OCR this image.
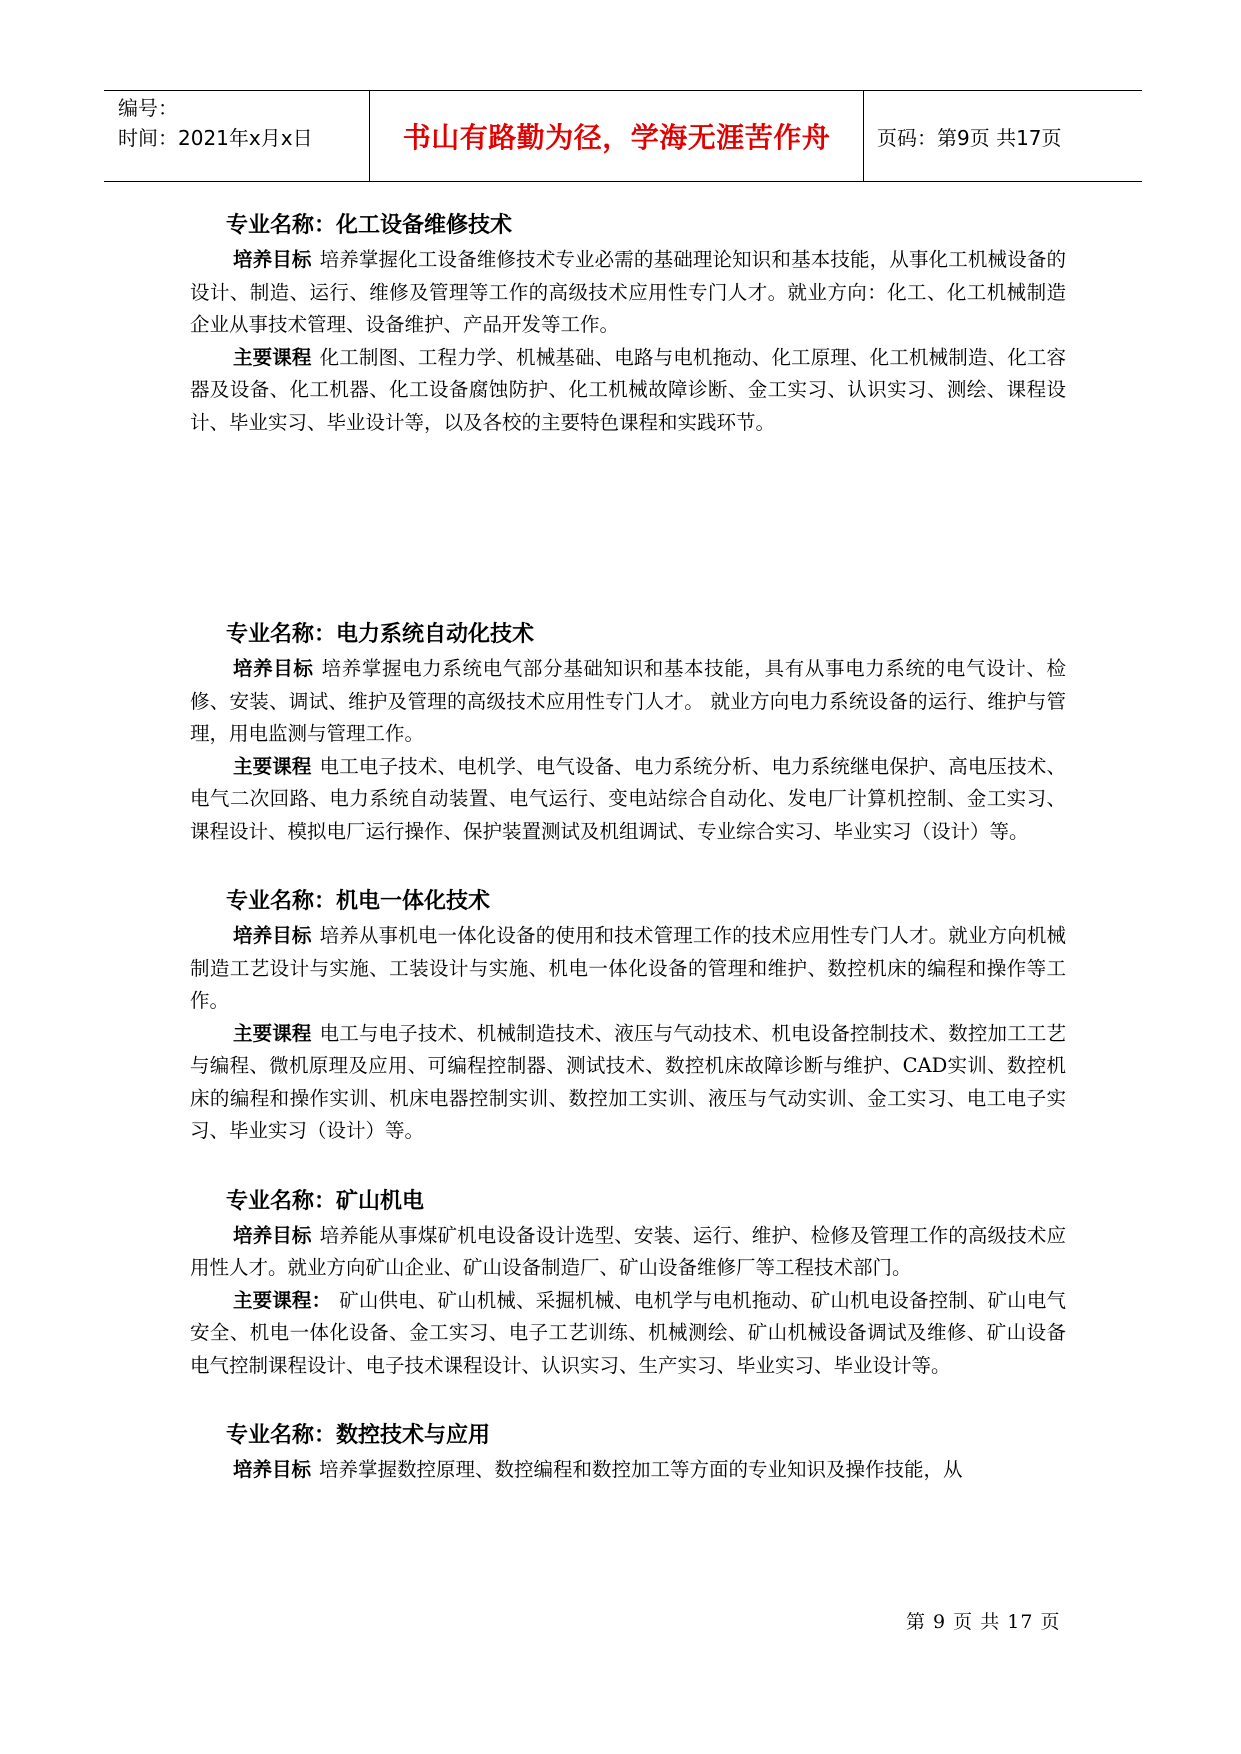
编号：
时间：2021年x月x日	书山有路勤为径，学海无涯苦作舟	页码：第9页 共17页
专业名称：化工设备维修技术

培养目标 培养掌握化工设备维修技术专业必需的基础理论知识和基本技能，从事化工机械设备的设计、制造、运行、维修及管理等工作的高级技术应用性专门人才。就业方向：化工、化工机械制造企业从事技术管理、设备维护、产品开发等工作。

主要课程 化工制图、工程力学、机械基础、电路与电机拖动、化工原理、化工机械制造、化工容器及设备、化工机器、化工设备腐蚀防护、化工机械故障诊断、金工实习、认识实习、测绘、课程设计、毕业实习、毕业设计等，以及各校的主要特色课程和实践环节。

专业名称：电力系统自动化技术

培养目标 培养掌握电力系统电气部分基础知识和基本技能，具有从事电力系统的电气设计、检修、安装、调试、维护及管理的高级技术应用性专门人才。 就业方向电力系统设备的运行、维护与管理，用电监测与管理工作。

主要课程 电工电子技术、电机学、电气设备、电力系统分析、电力系统继电保护、高电压技术、电气二次回路、电力系统自动装置、电气运行、变电站综合自动化、发电厂计算机控制、金工实习、课程设计、模拟电厂运行操作、保护装置测试及机组调试、专业综合实习、毕业实习（设计）等。

专业名称：机电一体化技术

培养目标 培养从事机电一体化设备的使用和技术管理工作的技术应用性专门人才。就业方向机械制造工艺设计与实施、工装设计与实施、机电一体化设备的管理和维护、数控机床的编程和操作等工作。

主要课程 电工与电子技术、机械制造技术、液压与气动技术、机电设备控制技术、数控加工工艺与编程、微机原理及应用、可编程控制器、测试技术、数控机床故障诊断与维护、CAD实训、数控机床的编程和操作实训、机床电器控制实训、数控加工实训、液压与气动实训、金工实习、电工电子实习、毕业实习（设计）等。

专业名称：矿山机电

培养目标 培养能从事煤矿机电设备设计选型、安装、运行、维护、检修及管理工作的高级技术应用性人才。就业方向矿山企业、矿山设备制造厂、矿山设备维修厂等工程技术部门。

主要课程： 矿山供电、矿山机械、采掘机械、电机学与电机拖动、矿山机电设备控制、矿山电气安全、机电一体化设备、金工实习、电子工艺训练、机械测绘、矿山机械设备调试及维修、矿山设备电气控制课程设计、电子技术课程设计、认识实习、生产实习、毕业实习、毕业设计等。

专业名称：数控技术与应用

培养目标 培养掌握数控原理、数控编程和数控加工等方面的专业知识及操作技能，从

第 9 页 共 17 页
